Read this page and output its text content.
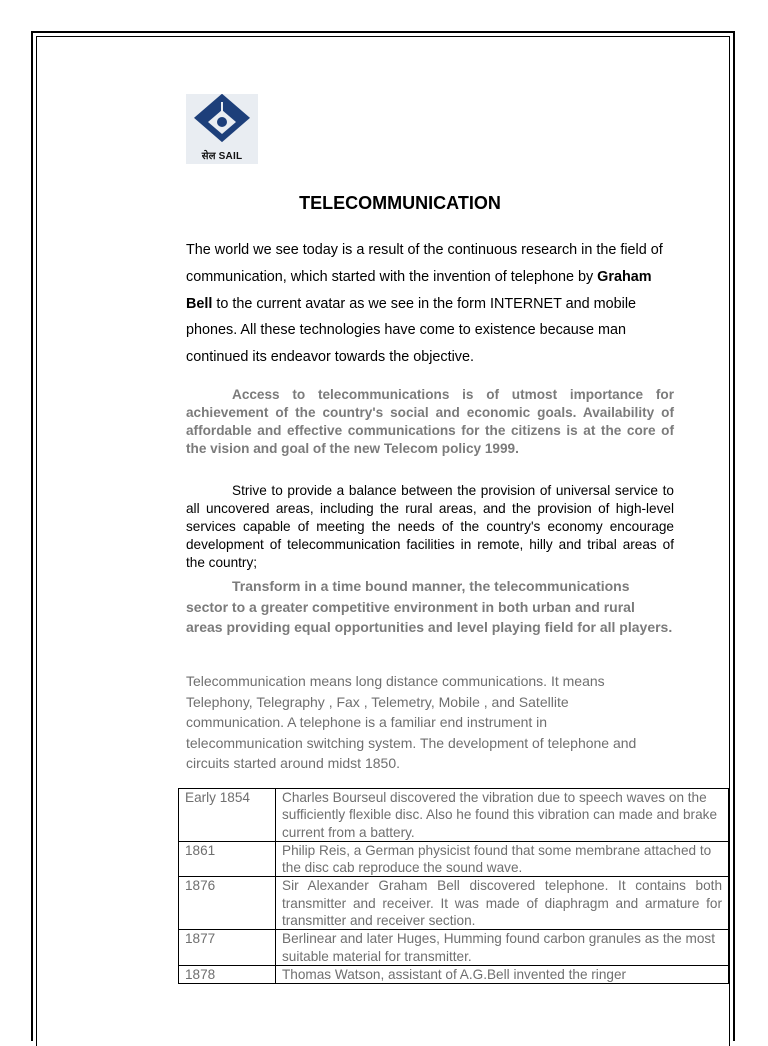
सेल SAIL
TELECOMMUNICATION
The world we see today is a result of the continuous research in the field of communication, which started with the invention of telephone by Graham Bell to the current avatar as we see in the form INTERNET and mobile phones. All these technologies have come to existence because man continued its endeavor towards the objective.
Access to telecommunications is of utmost importance for achievement of the country's social and economic goals. Availability of affordable and effective communications for the citizens is at the core of the vision and goal of the new Telecom policy 1999.
Strive to provide a balance between the provision of universal service to all uncovered areas, including the rural areas, and the provision of high-level services capable of meeting the needs of the country's economy encourage development of telecommunication facilities in remote, hilly and tribal areas of the country;
Transform in a time bound manner, the telecommunications sector to a greater competitive environment in both urban and rural areas providing equal opportunities and level playing field for all players.
Telecommunication means long distance communications. It means Telephony, Telegraphy , Fax , Telemetry, Mobile , and Satellite communication. A telephone is a familiar end instrument in telecommunication switching system. The development of telephone and circuits started around midst 1850.
Early 1854	Charles Bourseul discovered the vibration due to speech waves on the sufficiently flexible disc. Also he found this vibration can made and brake current from a battery.
1861	Philip Reis, a German physicist found that some membrane attached to the disc cab reproduce the sound wave.
1876	Sir Alexander Graham Bell discovered telephone. It contains both transmitter and receiver. It was made of diaphragm and armature for transmitter and receiver section.
1877	Berlinear and later Huges, Humming found carbon granules as the most suitable material for transmitter.
1878	Thomas Watson, assistant of A.G.Bell invented the ringer
